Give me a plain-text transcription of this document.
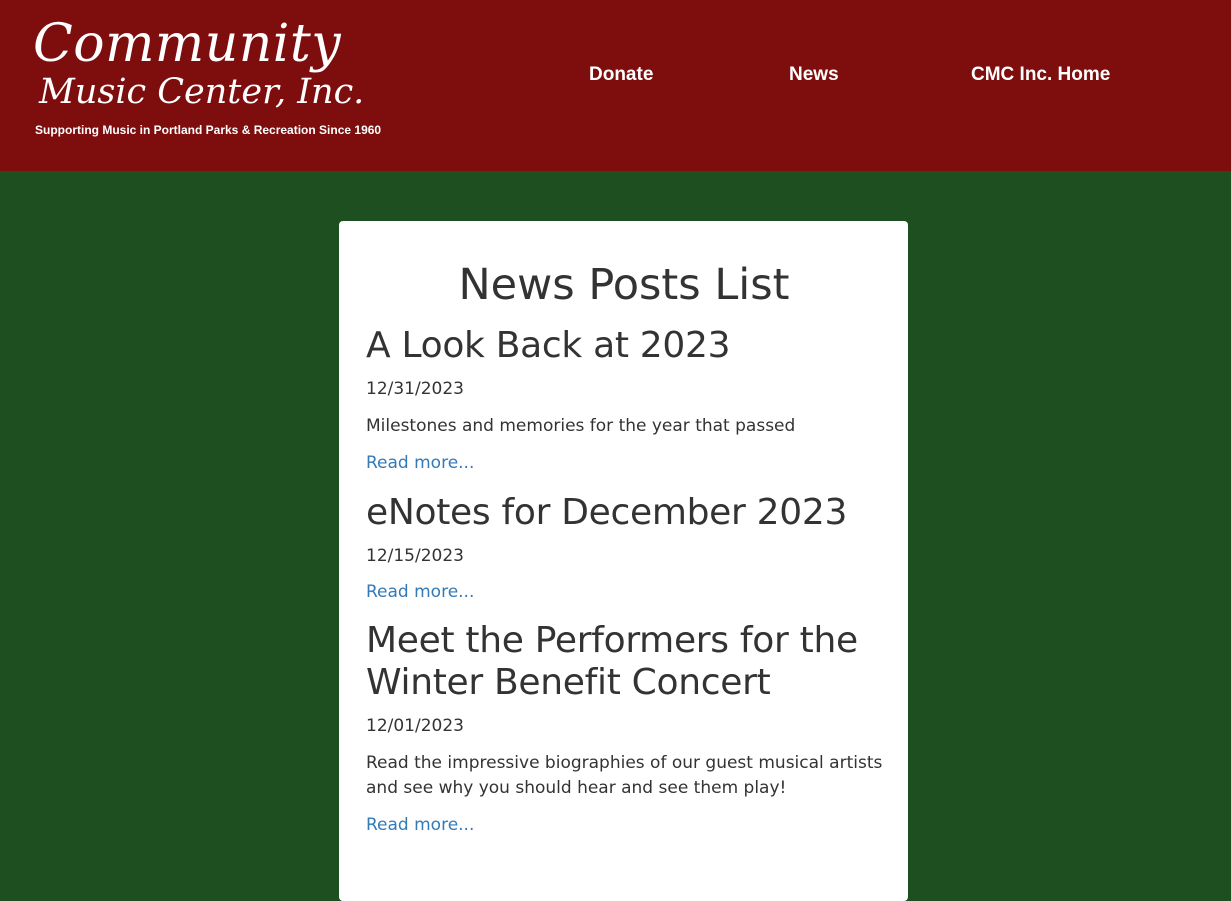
Community
Music Center, Inc.
Supporting Music in Portland Parks & Recreation Since 1960
Donate	News	CMC Inc. Home
News Posts List
A Look Back at 2023
12/31/2023
Milestones and memories for the year that passed
Read more...
eNotes for December 2023
12/15/2023
Read more...
Meet the Performers for the Winter Benefit Concert
12/01/2023
Read the impressive biographies of our guest musical artists and see why you should hear and see them play!
Read more...
